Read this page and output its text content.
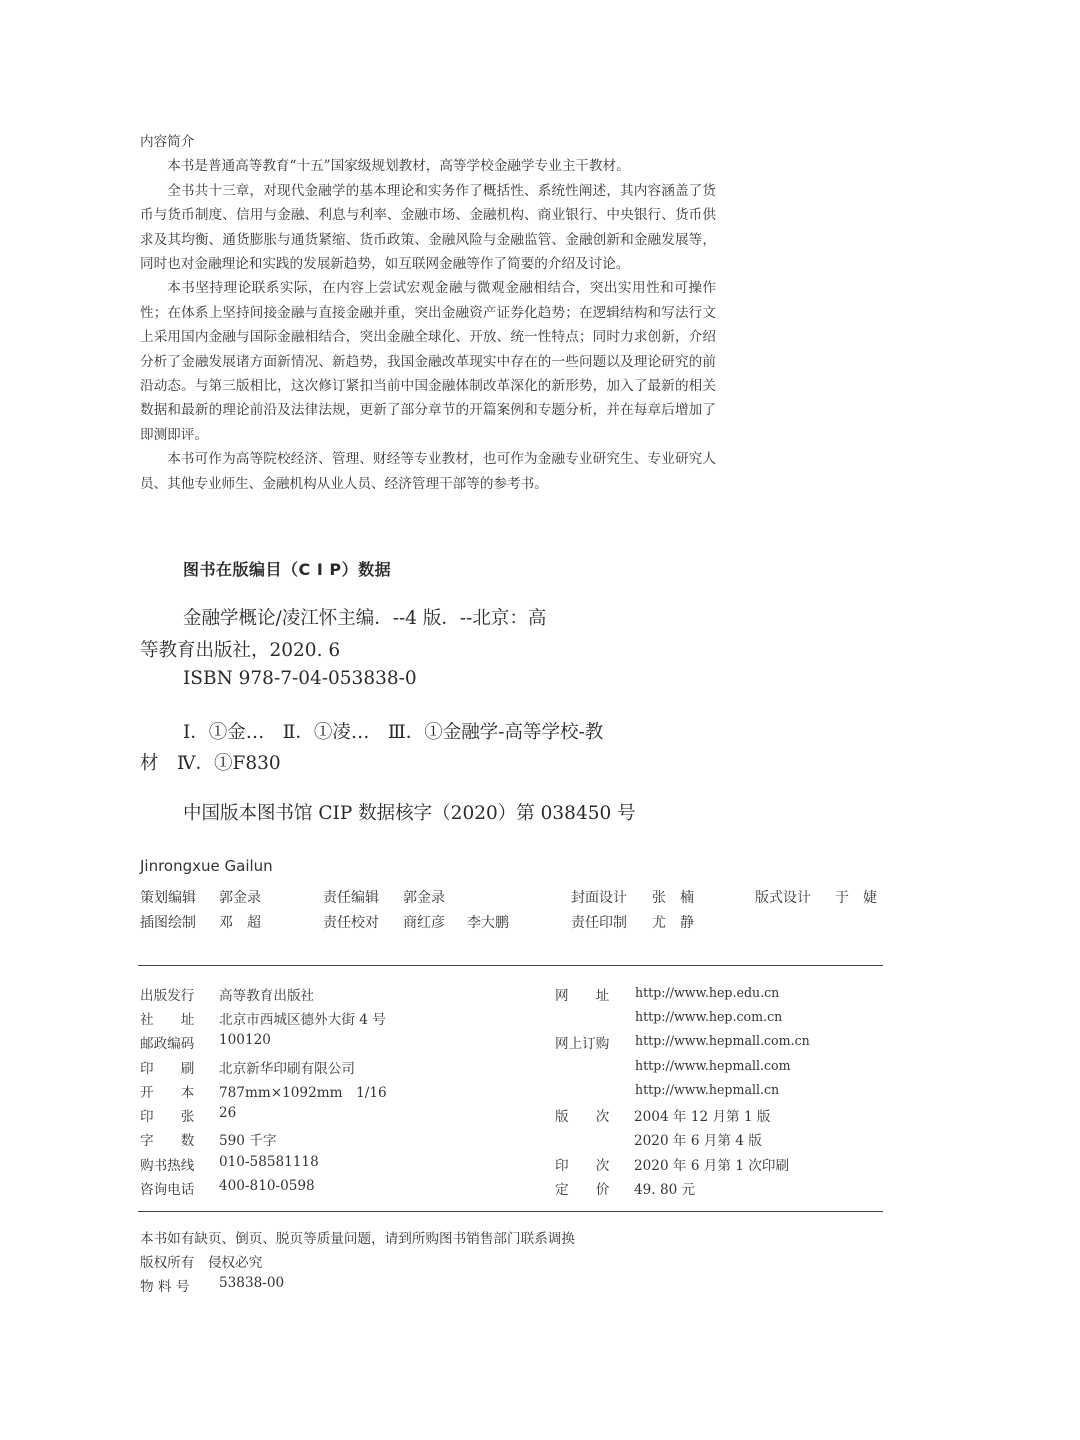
内容简介

本书是普通高等教育“十五”国家级规划教材，高等学校金融学专业主干教材。

全书共十三章，对现代金融学的基本理论和实务作了概括性、系统性阐述，其内容涵盖了货币与货币制度、信用与金融、利息与利率、金融市场、金融机构、商业银行、中央银行、货币供求及其均衡、通货膨胀与通货紧缩、货币政策、金融风险与金融监管、金融创新和金融发展等，同时也对金融理论和实践的发展新趋势，如互联网金融等作了简要的介绍及讨论。

本书坚持理论联系实际，在内容上尝试宏观金融与微观金融相结合，突出实用性和可操作性；在体系上坚持间接金融与直接金融并重，突出金融资产证券化趋势；在逻辑结构和写法行文上采用国内金融与国际金融相结合，突出金融全球化、开放、统一性特点；同时力求创新，介绍分析了金融发展诸方面新情况、新趋势，我国金融改革现实中存在的一些问题以及理论研究的前沿动态。与第三版相比，这次修订紧扣当前中国金融体制改革深化的新形势，加入了最新的相关数据和最新的理论前沿及法律法规，更新了部分章节的开篇案例和专题分析，并在每章后增加了即测即评。

本书可作为高等院校经济、管理、财经等专业教材，也可作为金融专业研究生、专业研究人员、其他专业师生、金融机构从业人员、经济管理干部等的参考书。

图书在版编目（C I P）数据
金融学概论/凌江怀主编．--4 版．--北京：高
等教育出版社，2020. 6
ISBN 978-7-04-053838-0
Ⅰ．①金…　Ⅱ．①凌…　Ⅲ．①金融学-高等学校-教
材　Ⅳ．①F830
中国版本图书馆 CIP 数据核字（2020）第 038450 号
Jinrongxue Gailun
策划编辑 郭金录	责任编辑 郭金录	封面设计 张　楠	版式设计 于　婕
插图绘制 邓　超	责任校对 商红彦 李大鹏	责任印制 尤　静
出版发行 高等教育出版社
社　　址 北京市西城区德外大街 4 号
邮政编码 100120
印　　刷 北京新华印刷有限公司
开　　本 787mm×1092mm　1/16
印　　张 26
字　　数 590 千字
购书热线 010-58581118
咨询电话 400-810-0598
网　　址 http://www.hep.edu.cn
http://www.hep.com.cn
网上订购 http://www.hepmall.com.cn
http://www.hepmall.com
http://www.hepmall.cn
版　　次 2004 年 12 月第 1 版
2020 年 6 月第 4 版
印　　次 2020 年 6 月第 1 次印刷
定　　价 49. 80 元
本书如有缺页、倒页、脱页等质量问题，请到所购图书销售部门联系调换
版权所有　侵权必究
物 料 号 53838-00
